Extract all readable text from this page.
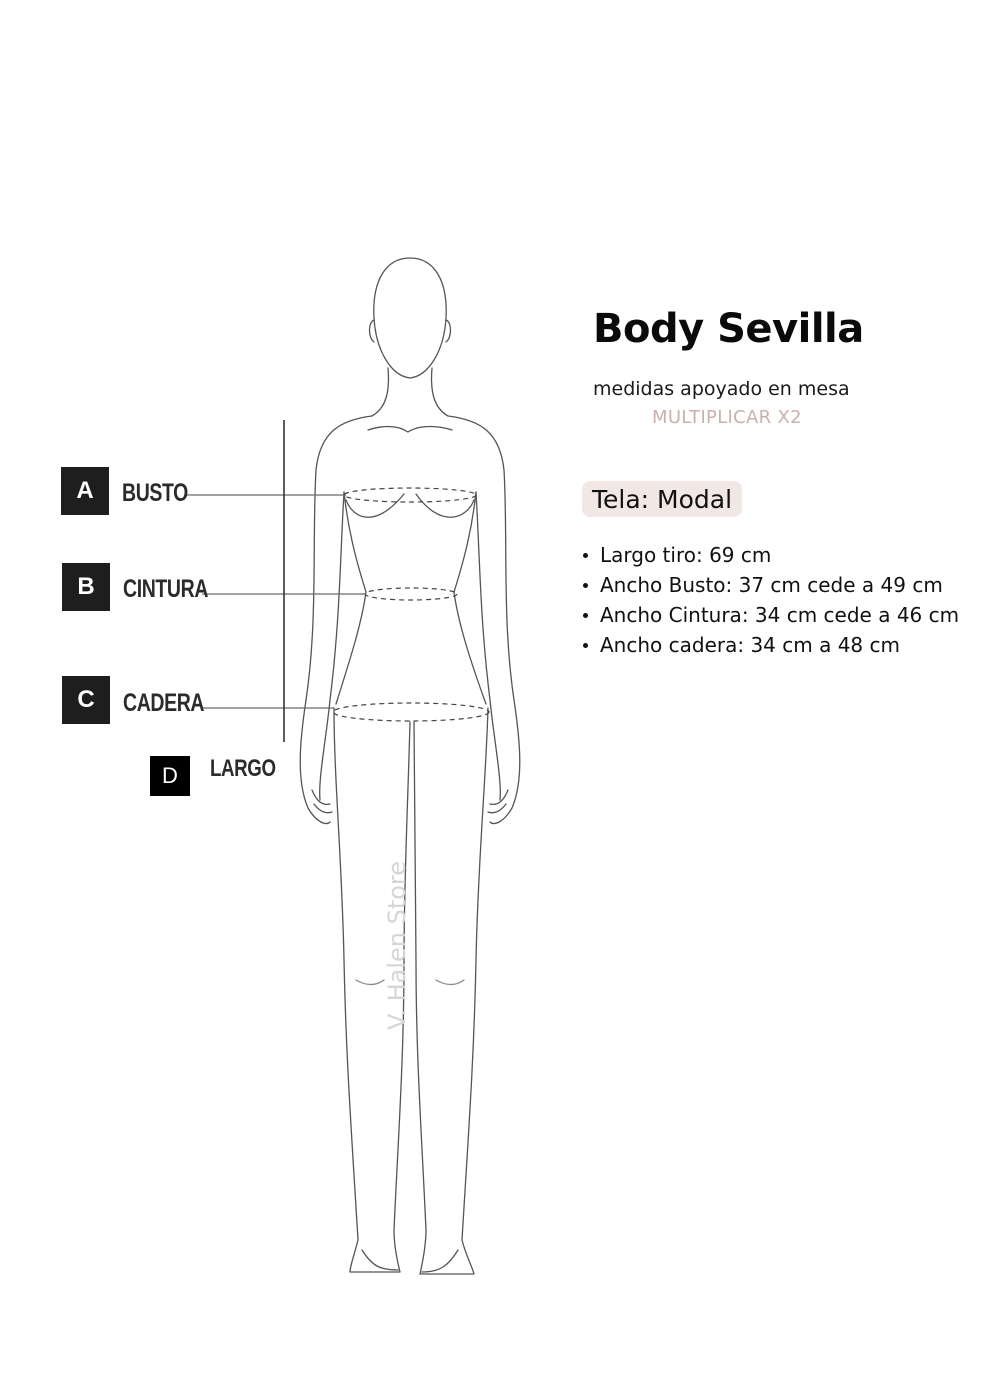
A	BUSTO
B	CINTURA
C	CADERA
D	LARGO
V. Halen Store
Body Sevilla
medidas apoyado en mesa
MULTIPLICAR X2
Tela: Modal
Largo tiro: 69 cm
Ancho Busto: 37 cm cede a 49 cm
Ancho Cintura: 34 cm cede a 46 cm
Ancho cadera: 34 cm a 48 cm
